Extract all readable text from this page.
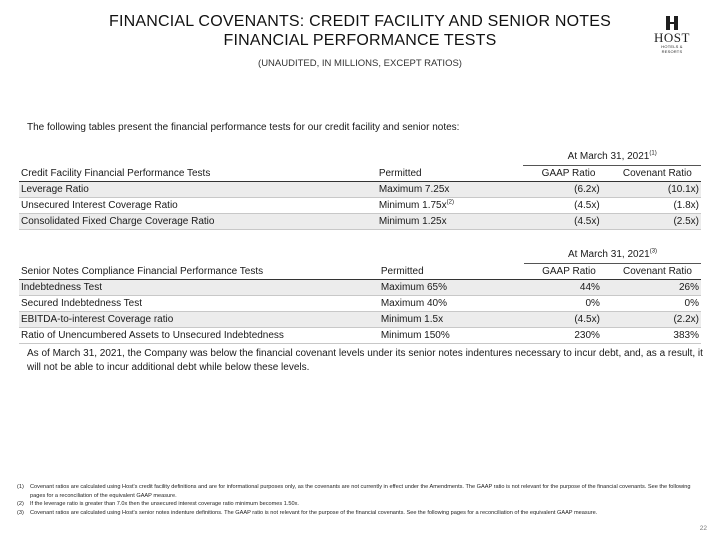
FINANCIAL COVENANTS: CREDIT FACILITY AND SENIOR NOTES
FINANCIAL PERFORMANCE TESTS
(UNAUDITED, IN MILLIONS, EXCEPT RATIOS)
HOST
HOTELS & RESORTS
The following tables present the financial performance tests for our credit facility and senior notes:
		At March 31, 2021$^{(1)}$
Credit Facility Financial Performance Tests	Permitted	GAAP Ratio	Covenant Ratio
Leverage Ratio	Maximum 7.25x	(6.2x)	(10.1x)
Unsecured Interest Coverage Ratio	Minimum $1.75x^{(2)}$	(4.5x)	(1.8x)
Consolidated Fixed Charge Coverage Ratio	Minimum 1.25x	(4.5x)	(2.5x)
		At March 31, 2021$^{(3)}$
Senior Notes Compliance Financial Performance Tests	Permitted	GAAP Ratio	Covenant Ratio
Indebtedness Test	Maximum 65%	44%	26%
Secured Indebtedness Test	Maximum 40%	0%	0%
EBITDA-to-interest Coverage ratio	Minimum 1.5x	(4.5x)	(2.2x)
Ratio of Unencumbered Assets to Unsecured Indebtedness	Minimum 150%	230%	383%
As of March 31, 2021, the Company was below the financial covenant levels under its senior notes indentures necessary to incur debt, and, as a result, it will not be able to incur additional debt while below these levels.
(1)	Covenant ratios are calculated using Host's credit facility definitions and are for informational purposes only, as the covenants are not currently in effect under the Amendments. The GAAP ratio is not relevant for the purpose of the financial covenants. See the following pages for a reconciliation of the equivalent GAAP measure.
(2)	If the leverage ratio is greater than 7.0x then the unsecured interest coverage ratio minimum becomes 1.50x.
(3)	Covenant ratios are calculated using Host's senior notes indenture definitions. The GAAP ratio is not relevant for the purpose of the financial covenants. See the following pages for a reconciliation of the equivalent GAAP measure.
22
